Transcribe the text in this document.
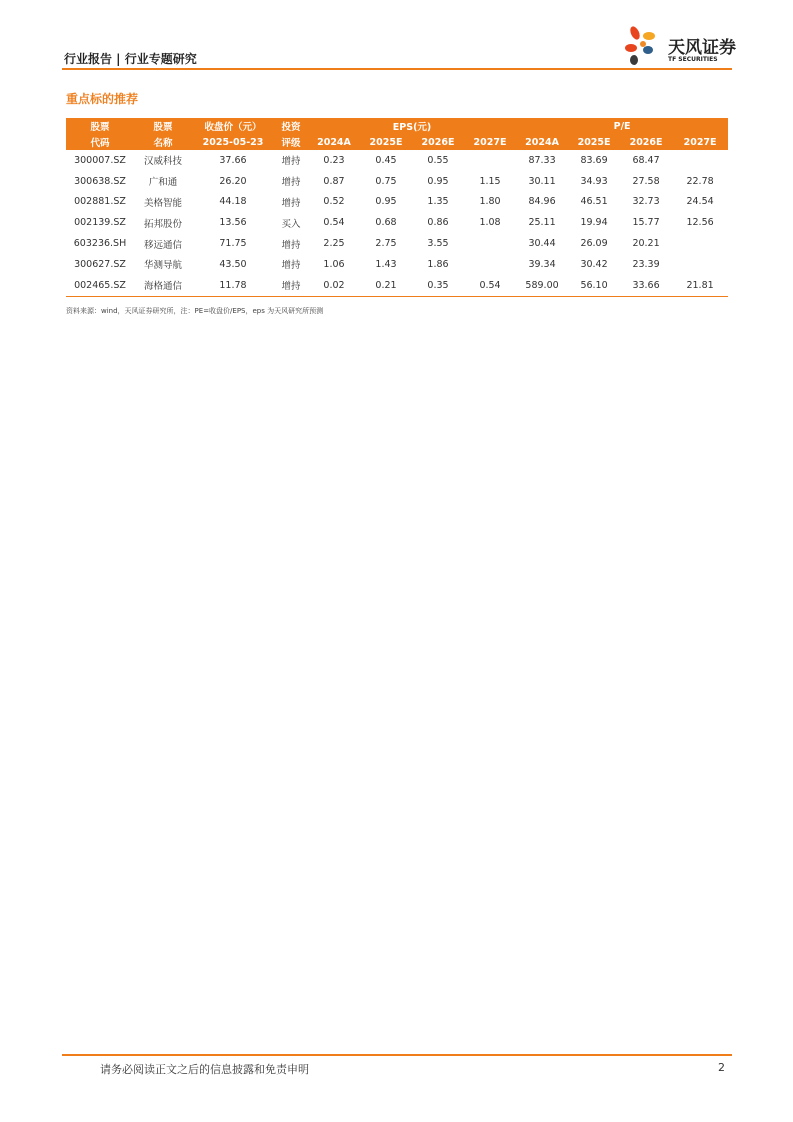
行业报告 | 行业专题研究
天风证券
TF SECURITIES
重点标的推荐
股票	股票	收盘价（元）	投资	EPS(元)				P/E			
代码	名称	2025-05-23	评级	2024A	2025E	2026E	2027E	2024A	2025E	2026E	2027E
300007.SZ	汉威科技	37.66	增持	0.23	0.45	0.55		87.33	83.69	68.47	
300638.SZ	广和通	26.20	增持	0.87	0.75	0.95	1.15	30.11	34.93	27.58	22.78
002881.SZ	美格智能	44.18	增持	0.52	0.95	1.35	1.80	84.96	46.51	32.73	24.54
002139.SZ	拓邦股份	13.56	买入	0.54	0.68	0.86	1.08	25.11	19.94	15.77	12.56
603236.SH	移远通信	71.75	增持	2.25	2.75	3.55		30.44	26.09	20.21	
300627.SZ	华测导航	43.50	增持	1.06	1.43	1.86		39.34	30.42	23.39	
002465.SZ	海格通信	11.78	增持	0.02	0.21	0.35	0.54	589.00	56.10	33.66	21.81
资料来源：wind，天风证券研究所，注：PE=收盘价/EPS，eps 为天风研究所预测
请务必阅读正文之后的信息披露和免责申明	2
